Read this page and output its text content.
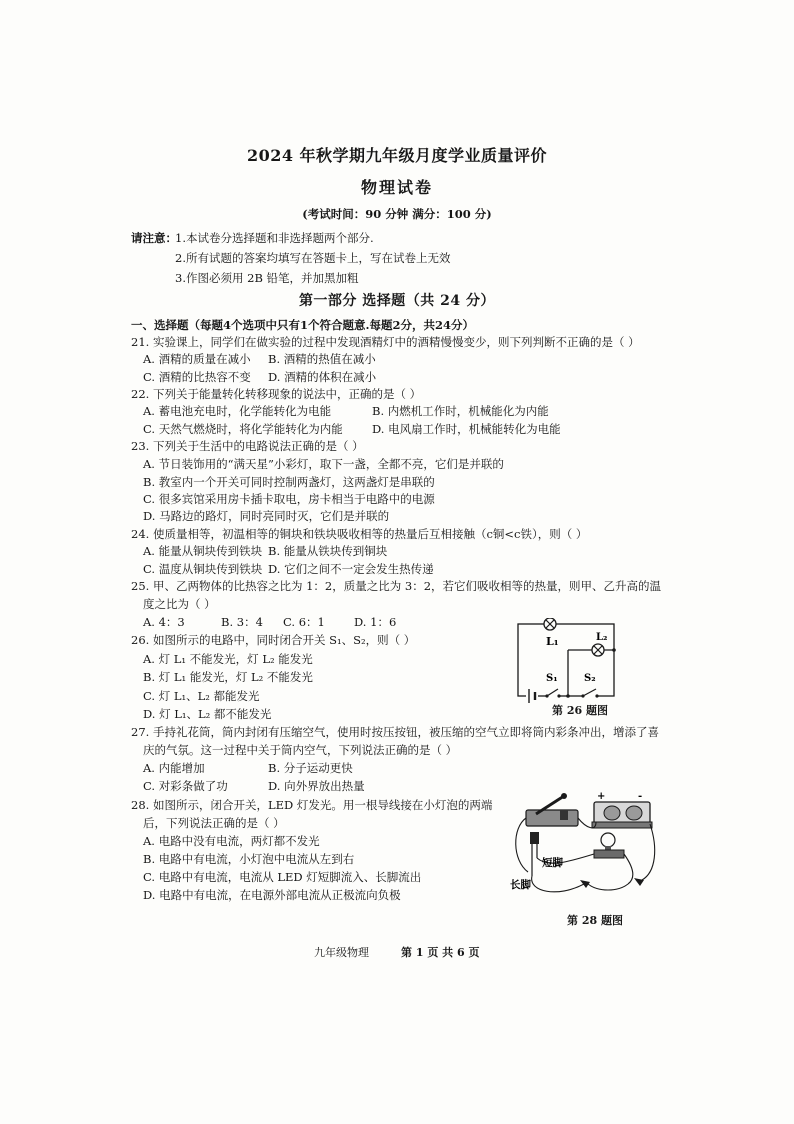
2024 年秋学期九年级月度学业质量评价
物理试卷
(考试时间：90 分钟 满分：100 分)
请注意：
1.本试卷分选择题和非选择题两个部分.
2.所有试题的答案均填写在答题卡上，写在试卷上无效
3.作图必须用 2B 铅笔，并加黑加粗
第一部分 选择题（共 24 分）
一、选择题（每题4个选项中只有1个符合题意.每题2分，共24分）
21. 实验课上，同学们在做实验的过程中发现酒精灯中的酒精慢慢变少，则下列判断不正确的是（ ）
A. 酒精的质量在减小 B. 酒精的热值在减小
C. 酒精的比热容不变 D. 酒精的体积在减小
22. 下列关于能量转化转移现象的说法中，正确的是（ ）
A. 蓄电池充电时，化学能转化为电能	B. 内燃机工作时，机械能化为内能
C. 天然气燃烧时，将化学能转化为内能	D. 电风扇工作时，机械能转化为电能
23. 下列关于生活中的电路说法正确的是（ ）
A. 节日装饰用的“满天星”小彩灯，取下一盏，全都不亮，它们是并联的
B. 教室内一个开关可同时控制两盏灯，这两盏灯是串联的
C. 很多宾馆采用房卡插卡取电，房卡相当于电路中的电源
D. 马路边的路灯，同时亮同时灭，它们是并联的
24. 使质量相等，初温相等的铜块和铁块吸收相等的热量后互相接触（c铜<c铁），则（ ）
A. 能量从铜块传到铁块 B. 能量从铁块传到铜块
C. 温度从铜块传到铁块 D. 它们之间不一定会发生热传递
25. 甲、乙两物体的比热容之比为 1：2，质量之比为 3：2，若它们吸收相等的热量，则甲、乙升高的温
度之比为（ ）
A. 4：3	B. 3：4 C. 6：1	D. 1：6
26. 如图所示的电路中，同时闭合开关 S₁、S₂，则（ ）
A. 灯 L₁ 不能发光，灯 L₂ 能发光
B. 灯 L₁ 能发光，灯 L₂ 不能发光
C. 灯 L₁、L₂ 都能发光
D. 灯 L₁、L₂ 都不能发光
L₁	L₂
S₁	S₂
第 26 题图
27. 手持礼花筒，筒内封闭有压缩空气，使用时按压按钮，被压缩的空气立即将筒内彩条冲出，增添了喜
庆的气氛。这一过程中关于筒内空气，下列说法正确的是（ ）
A. 内能增加	B. 分子运动更快
C. 对彩条做了功	D. 向外界放出热量
28. 如图所示，闭合开关，LED 灯发光。用一根导线接在小灯泡的两端
后，下列说法正确的是（ ）
A. 电路中没有电流，两灯都不发光
B. 电路中有电流，小灯泡中电流从左到右
C. 电路中有电流，电流从 LED 灯短脚流入、长脚流出
D. 电路中有电流，在电源外部电流从正极流向负极
+	-
短脚
长脚
第 28 题图
九年级物理	第 1 页 共 6 页
